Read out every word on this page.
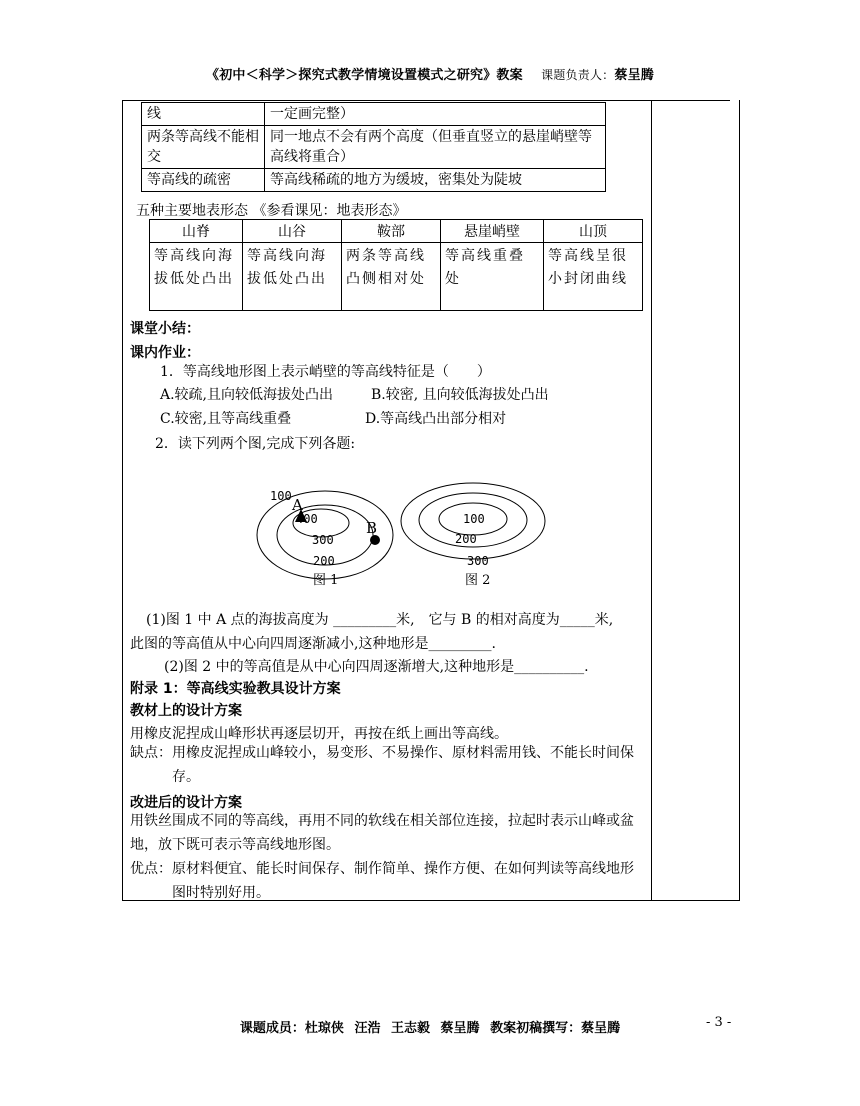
《初中＜科学＞探究式教学情境设置模式之研究》教案 课题负责人：蔡呈腾
线	一定画完整）
两条等高线不能相交	同一地点不会有两个高度（但垂直竖立的悬崖峭壁等高线将重合）
等高线的疏密	等高线稀疏的地方为缓坡，密集处为陡坡
五种主要地表形态 《参看课见：地表形态》
山脊	山谷	鞍部	悬崖峭壁	山顶
等高线向海拔低处凸出	等高线向海拔低处凸出	两条等高线凸侧相对处	等高线重叠处	等高线呈很小封闭曲线
课堂小结：
课内作业：
1．等高线地形图上表示峭壁的等高线特征是（　　）
A.较疏,且向较低海拔处凸出	B.较密, 且向较低海拔处凸出
C.较密,且等高线重叠	D.等高线凸出部分相对
2．读下列两个图,完成下列各题:
100
400
300
200
A
B
图 1
100
200
300
图 2
(1)图 1 中 A 点的海拔高度为 _________米,　它与 B 的相对高度为_____米,
此图的等高值从中心向四周逐渐减小,这种地形是_________.
(2)图 2 中的等高值是从中心向四周逐渐增大,这种地形是__________.
附录 1：等高线实验教具设计方案
教材上的设计方案
用橡皮泥捏成山峰形状再逐层切开，再按在纸上画出等高线。
缺点：用橡皮泥捏成山峰较小，易变形、不易操作、原材料需用钱、不能长时间保存。
改进后的设计方案
用铁丝围成不同的等高线，再用不同的软线在相关部位连接，拉起时表示山峰或盆地，放下既可表示等高线地形图。
优点：原材料便宜、能长时间保存、制作简单、操作方便、在如何判读等高线地形图时特别好用。
课题成员：杜琼侠 汪浩 王志毅 蔡呈腾 教案初稿撰写：蔡呈腾	- 3 -
